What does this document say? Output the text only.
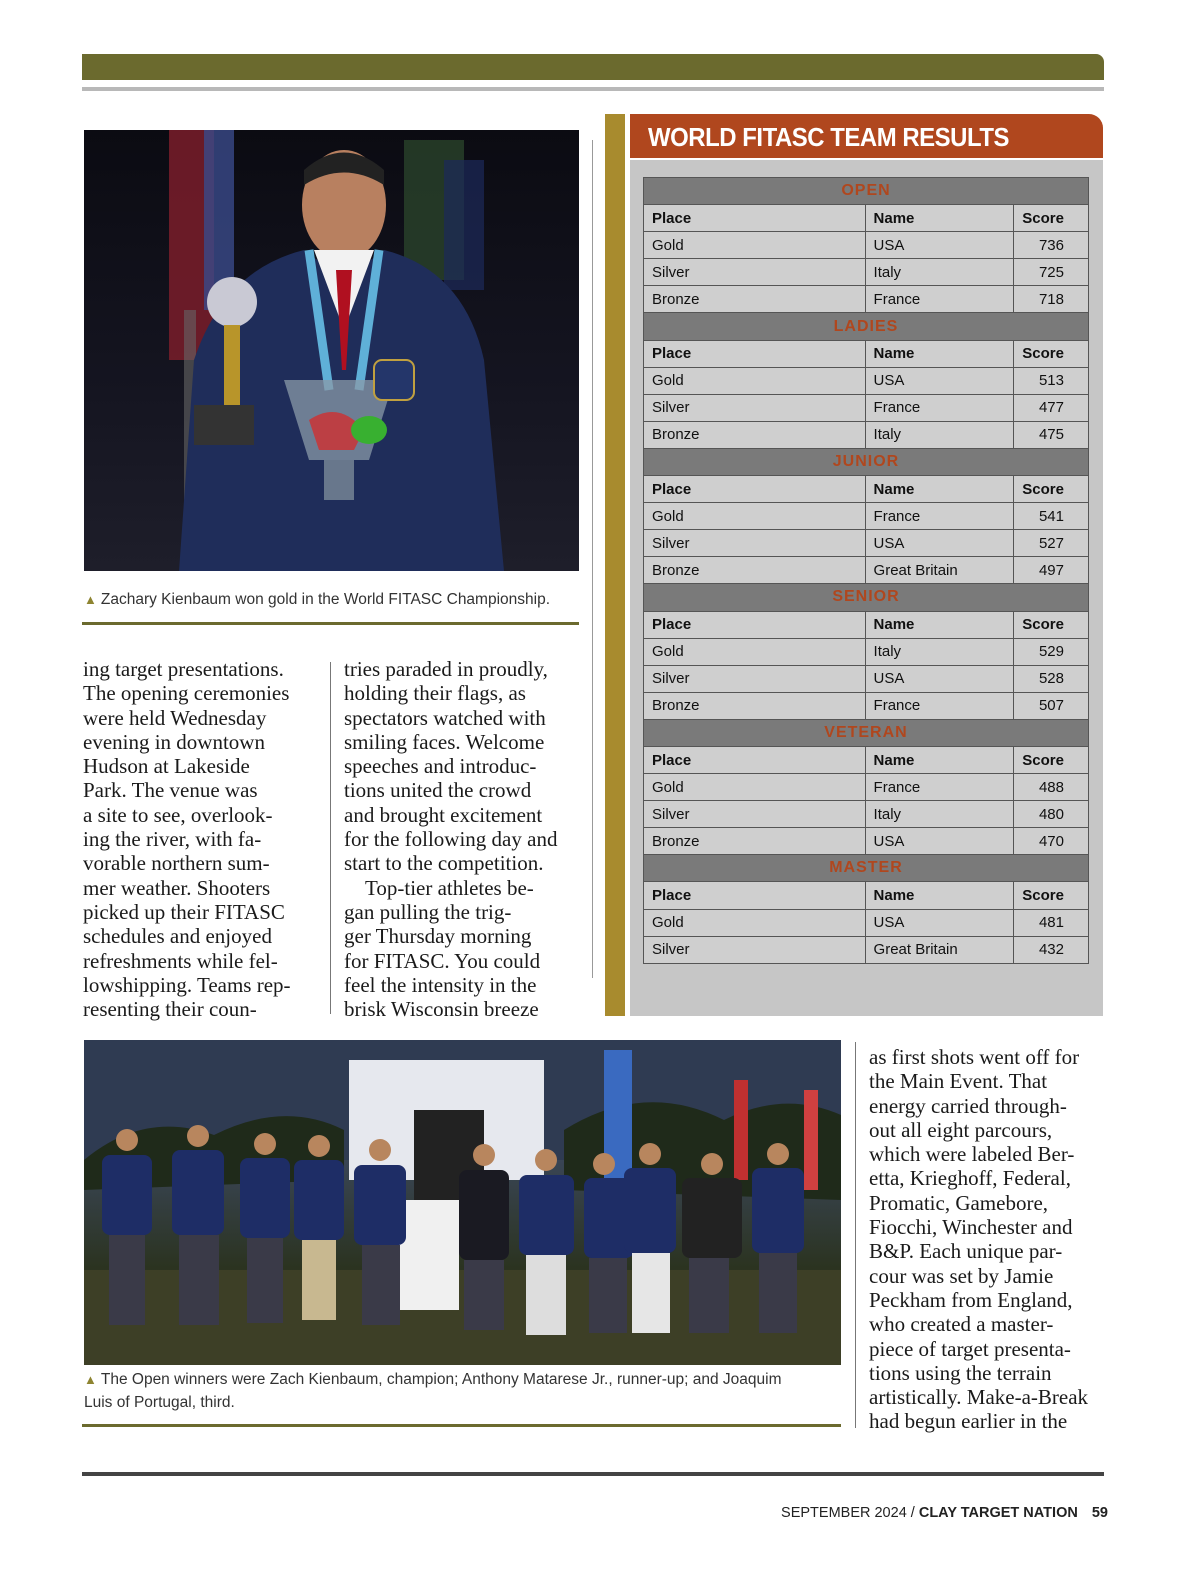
▲ Zachary Kienbaum won gold in the World FITASC Championship.

ing target presentations.

The opening ceremonies

were held Wednesday

evening in downtown

Hudson at Lakeside

Park. The venue was

a site to see, overlook-

ing the river, with fa-

vorable northern sum-

mer weather. Shooters

picked up their FITASC

schedules and enjoyed

refreshments while fel-

lowshipping. Teams rep-

resenting their coun-

tries paraded in proudly,

holding their flags, as

spectators watched with

smiling faces. Welcome

speeches and introduc-

tions united the crowd

and brought excitement

for the following day and

start to the competition.

 Top-tier athletes be-

gan pulling the trig-

ger Thursday morning

for FITASC. You could

feel the intensity in the

brisk Wisconsin breeze

WORLD FITASC TEAM RESULTS
OPEN		
Place	Name	Score
Gold	USA	736
Silver	Italy	725
Bronze	France	718
LADIES		
Place	Name	Score
Gold	USA	513
Silver	France	477
Bronze	Italy	475
JUNIOR		
Place	Name	Score
Gold	France	541
Silver	USA	527
Bronze	Great Britain	497
SENIOR		
Place	Name	Score
Gold	Italy	529
Silver	USA	528
Bronze	France	507
VETERAN		
Place	Name	Score
Gold	France	488
Silver	Italy	480
Bronze	USA	470
MASTER		
Place	Name	Score
Gold	USA	481
Silver	Great Britain	432
▲ The Open winners were Zach Kienbaum, champion; Anthony Matarese Jr., runner-up; and Joaquim
Luis of Portugal, third.

as first shots went off for

the Main Event. That

energy carried through-

out all eight parcours,

which were labeled Ber-

etta, Krieghoff, Federal,

Promatic, Gamebore,

Fiocchi, Winchester and

B&P. Each unique par-

cour was set by Jamie

Peckham from England,

who created a master-

piece of target presenta-

tions using the terrain

artistically. Make-a-Break

had begun earlier in the

SEPTEMBER 2024 / CLAY TARGET NATION 59
